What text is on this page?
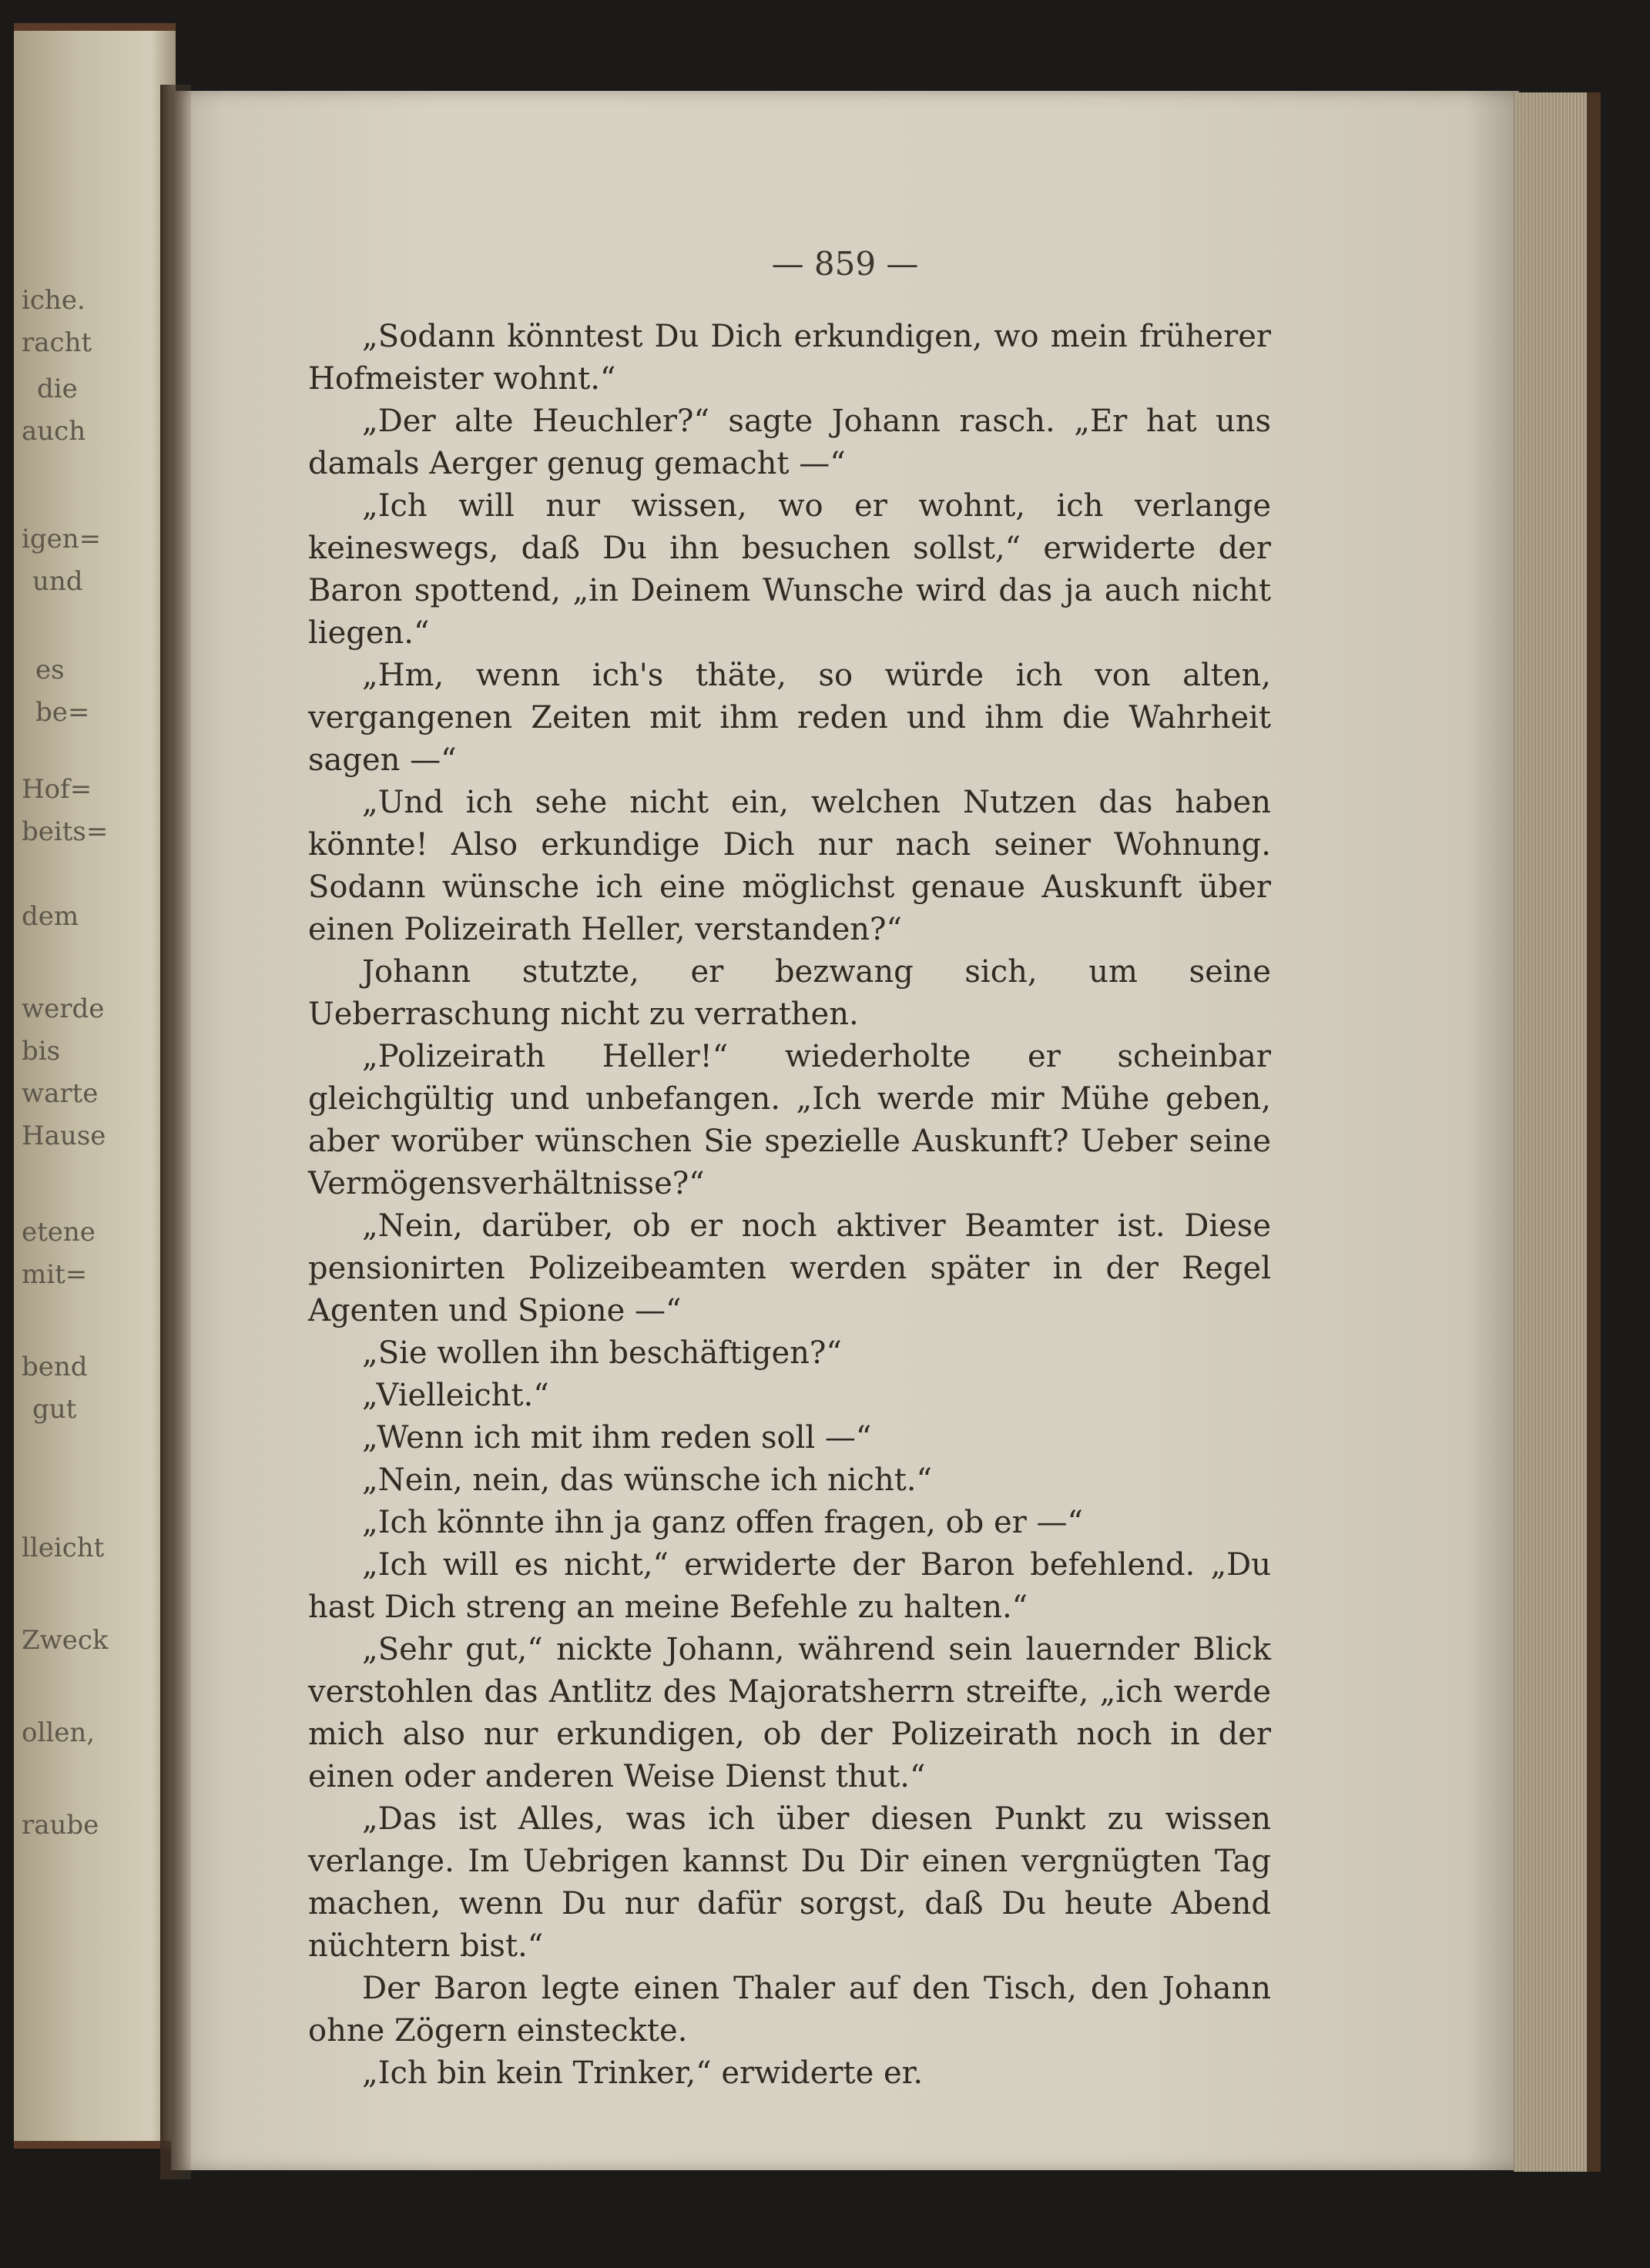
iche.
racht
die
auch
igen=
und
es
be=
Hof=
beits=
dem
werde
bis
warte
Hause
etene
mit=
bend
gut
lleicht
Zweck
ollen,
raube
— 859 —

„Sodann könntest Du Dich erkundigen, wo mein früherer Hofmeister wohnt.“

„Der alte Heuchler?“ sagte Johann rasch. „Er hat uns damals Aerger genug gemacht —“

„Ich will nur wissen, wo er wohnt, ich verlange keineswegs, daß Du ihn besuchen sollst,“ erwiderte der Baron spottend, „in Deinem Wunsche wird das ja auch nicht liegen.“

„Hm, wenn ich's thäte, so würde ich von alten, vergangenen Zeiten mit ihm reden und ihm die Wahrheit sagen —“

„Und ich sehe nicht ein, welchen Nutzen das haben könnte! Also erkundige Dich nur nach seiner Wohnung. Sodann wünsche ich eine möglichst genaue Auskunft über einen Polizeirath Heller, verstanden?“

Johann stutzte, er bezwang sich, um seine Ueberraschung nicht zu verrathen.

„Polizeirath Heller!“ wiederholte er scheinbar gleichgültig und unbefangen. „Ich werde mir Mühe geben, aber worüber wünschen Sie spezielle Auskunft? Ueber seine Vermögensverhältnisse?“

„Nein, darüber, ob er noch aktiver Beamter ist. Diese pensionirten Polizeibeamten werden später in der Regel Agenten und Spione —“

„Sie wollen ihn beschäftigen?“

„Vielleicht.“

„Wenn ich mit ihm reden soll —“

„Nein, nein, das wünsche ich nicht.“

„Ich könnte ihn ja ganz offen fragen, ob er —“

„Ich will es nicht,“ erwiderte der Baron befehlend. „Du hast Dich streng an meine Befehle zu halten.“

„Sehr gut,“ nickte Johann, während sein lauernder Blick verstohlen das Antlitz des Majoratsherrn streifte, „ich werde mich also nur erkundigen, ob der Polizeirath noch in der einen oder anderen Weise Dienst thut.“

„Das ist Alles, was ich über diesen Punkt zu wissen verlange. Im Uebrigen kannst Du Dir einen vergnügten Tag machen, wenn Du nur dafür sorgst, daß Du heute Abend nüchtern bist.“

Der Baron legte einen Thaler auf den Tisch, den Johann ohne Zögern einsteckte.

„Ich bin kein Trinker,“ erwiderte er.
